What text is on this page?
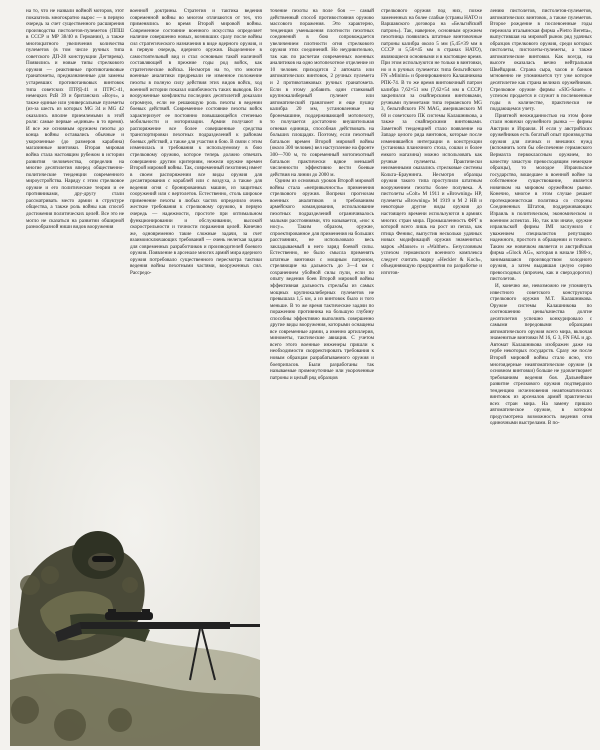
на то, что не назвали войной моторов, этот показатель многократно вырос — в первую очередь за счет существенного расширения производства пистолетов-пулеметов (ППШ в СССР и MP 38/40 в Германии), а также многократного увеличения количества пулеметов (в том числе ручных типа советского ДП-28 конструкции Дегтярева). Появились и новые типы стрелкового оружия — реактивные противотанковые гранатометы, предназначенные для замены устаревших противотанковых винтовок типа советских ПТРД-41 и ПТРС-41, немецких PzB 39 и британских «Boys», а также единые или универсальные пулеметы (из-за шесть из которых MG 34 и MG 42 оказались вполне приемлемыми в этой роли: самые первые «единые» в то время). И все же основным оружием пехоты до конца войны оставались обычные и укороченные (до размеров карабина) магазинные винтовки. Вторая мировая война стала настоящим рубежом в истории развития человечества, определив на многие десятилетия вперед общественно-политические тенденции современного мироустройства. Наряду с этим стрелковое оружие и его политические теории и ее противниками, дру-другу стали рассматривать место армии в структуре общества, а также роль войны как способ достижения политических целей. Все это не могло не сказаться на развитии обширной разнообразной ниши видов вооружения

военной доктрины. Стратегия и тактика ведения современной войны во многом отличаются от тех, что применялись во время Второй мировой войны. Современное состояние военного искусства определяет наличие совершенно новых, возникших сразу после войны сил стратегического назначения в виде ядерного оружия, и в первую очередь, ядерного оружия. Выделенное в самостоятельный вид и стал основным такой наличной составляющей в прежние годы род войск, как стратегические войска. Несмотря на то, что многие военные аналитики предрекали не изменное положение пехоты в полную силу действия этих видов войск, ход военной истории показал ошибочность таких выводов. Все вооруженные конфликты последних десятилетий доказали огромную, если не решающую роль пехоты в ведении боевых действий. Современное состояние пехоты войск характеризует ее постоянно повышающейся степенью мобильности и моторизации. Армии получают в распоряжение все более совершенные средства транспортировки пехотных подразделений к районам боевых действий, а также для участия в бою. В связи с этим изменилась и требования к используемому в бою стрелковому оружию, которое теперь должно отвечать совершенно другим критериям, нежели оружие времен Второй мировой войны. Так, современный пехотинец имеет в своем распоряжении все виды оружия для десантирования с кораблей или с воздуха, а также для ведения огня с бронированных машин, из защитных сооружений или с вертолетов. Естественно, столь широкое применение пехоты в любых частях определило очень жесткие требования к стрелковому оружию, в первую очередь — надежности, простоте при оптимальном функционировании и обслуживании, высокой скорострельности и точности поражения целей. Конечно же, одновременно такие сложные задачи, за счет взаимоисключающих требований — очень нелегкая задача для современных разработчиков и производителей боевого оружия. Появление в арсенале многих армий мира ядерного оружия потребовало существенного пересмотра тактики ведения войны пехотными частями, вооруженных сил. Рассредо-

точение пехоты на поле боя — самый действенный способ противостояния оружию массового поражения. Это характерно, тенденция уменьшения плотности пехотных соединений в бою сопровождается увеличением плотности огня стрелкового оружия этих соединений. Но неудивительно, так как по расчетам современных военных аналитиков на одно мотопехотное отделение из 10 человек приходится 2 автомата или автоматических винтовок, 2 ручных пулемета и 2 противотанковых ручных гранатомета. Если в этому добавить один станковый крупнокалиберный пулемет или автоматический гранатомет и еще пушку калибра 20 мм, установленные на бронемашине, поддерживающей мотопехоту, то получается достаточно внушительная огневая единица, способная действовать на больших площадях. Поэтому, если пехотный батальон времен Второй мировой войны (около 300 человек) вел наступление на фронте 300—700 м, то современный мотопехотный батальон практически вдвое меньшей численности эффективно вести боевые действия на линии до 2000 м.

Одним из основных уроков Второй мировой войны стала «непривычность» применения стрелкового оружия. Вопреки прогнозам военных аналитиков и требованиям армейского командования, использование пехотных подразделений ограничивалось малыми расстояниями, что называется, «нос к носу». Таким образом, оружие, спроектированное для применения на больших расстояниях, не использовало весь закладываемый в него заряд боевой силы. Естественно, не было смысла применять штатные винтовки с мощным патроном, стреляющие на дальность до 3—4 км с сохранением убойной силы пули, если по опыту ведения боев Второй мировой войны эффективная дальность стрельбы из самых мощных крупнокалиберных пулеметов не превышала 1,5 км, а из винтовок было и того меньше. В то же время тактические задачи по поражению противника на большую глубину способны эффективно выполнять совершенно другие виды вооружения, которыми оснащены все современные армии, а именно артиллерия, минометы, тактические авиация. С учетом всего этого военные инженеры пришли к необходимости скорректировать требования к новым образцам разрабатываемого оружия и боеприпасов. Были разработаны так называемые промежуточные или укороченные патроны и целый ряд образцов

стрелкового оружия под них, позже замененных на более слабые (страны НАТО и Варшавского договора на «Бельгийский патрон»). Так, наверное, основным оружием пехотинца появились штатные винтовочные патроны калибра около 5 мм (5,45×39 мм в СССР и 5,56×45 мм в странах НАТО), являющиеся основными и в настоящее время. При этом используются не только в винтовки, но и в ручных пулеметах типа бельгийского FN «Minimi» и бронированного Калашникова РПК-74. В то же время винтовочный патрон калибра 7,62×51 мм (7,62×54 мм в СССР) закрепился за снайперскими винтовками, ручными пулеметами типа германского MG 3, бельгийского FN MAG, американского M 60 и советского ПК системы Калашникова, а также за снайперскими винтовками. Заметной тенденцией стало появление на Западе целого ряда винтовок, которые после изменившейся интеграции в конструкции (установка планочного стола, сошки и более емкого магазина) можно использовать как ручные пулеметы. Практически неизменными оказались стрелковые системы Кольта–Браунинга. Несмотря образцы оружия такого типа проступили штатным вооружением пехоты более полувека. А пистолеты «Colt» М 1911 и «Browning» НР, пулеметы «Browning» М 1919 и М 2 НВ и некоторые другие виды оружия до настоящего времени используются в армиях многих стран мира. Промышленность ФРГ в которой всего лишь на рост из пепла, как птица Феникс, выпустив несколько удачных новых модификаций оружия знаменитых марок «Mauser» и «Walther». Безусловным успехом германского военного комплекса следует считать марку «Heckler & Koch», объединяющую предприятия по разработке и изготов-

лению пистолетов, пистолетов-пулеметов, автоматических винтовок, а также пулеметов. Второе рождение в послевоенные годы пережила итальянская фирма «Pietro Beretta», выпустившая на мировой рынок ряд удачных образцов стрелкового оружия, среди которых пистолеты, пистолеты-пулеметы, а также автоматические винтовки. Как всегда, на высоте оказалась вечно нейтральная Швейцария. Страна сыра, часов и банков мгновенно не упоминается тут уже которое десятилетие как страна великих оружейников. Стрелковое оружие фирмы «SIG-Sauer» с успехом продается и служит в послевоенные годы в количестве, практически не поддающемся учету.

Приятной неожиданностью на этом фоне стали новички оружейного рынка — фирмы Австрии и Израиля. И если у австрийских оружейников есть богатый опыт производства оружия для личных и внешних нужд (вспомнить хотя бы обеспечение германского Вермахта первоклассным оружием, по качеству зачастую превосходящим немецкие образцы), то молодое Израильское государство, вошедшее в военной войне за собственное существование, является новичком на мировом оружейном рынке. Конечно, многое в этом случае решает протекционистская политика со стороны Соединенных Штатов, поддерживающих Израиль в политическом, экономическом и военном аспектах. Но, так или иначе, оружие израильской фирмы IMI заслужило с уважением специалистов репутацию надежного, простого в обращении и точного. Таким же новичком является и австрийская фирма «Glock AG», которая в начале 1980-х, занимавшаяся производством холодного оружия, а затем выдавшая целую серию превосходных (впрочем, как и сверхдорогих) пистолетов.

И, конечно же, невозможно не упомянуть известного советского конструктора стрелкового оружия М.Т. Калашникова. Оружие системы Калашникова по соотношению цены/качества долгие десятилетия успешно конкурировало с самыми передовыми образцами автоматического оружия всего мира, включая знаменитые винтовки М 16, G 3, FN FAL и др. Автомат Калашникова изображен даже на гербе некоторых государств. Сразу же после Второй мировой войны стало ясно, что многоядерные неавтоматические оружие (в основном винтовки) больше не удовлетворяет требованиям ведения боя. Дальнейшее развитие стрелкового оружия подтвердило тенденцию исчезновения неавтоматических винтовок из арсеналов армий практически всех стран мира. На замену пришло автоматическое оружие, в котором предусмотрена возможность ведения огня одиночными выстрелами. В по-
